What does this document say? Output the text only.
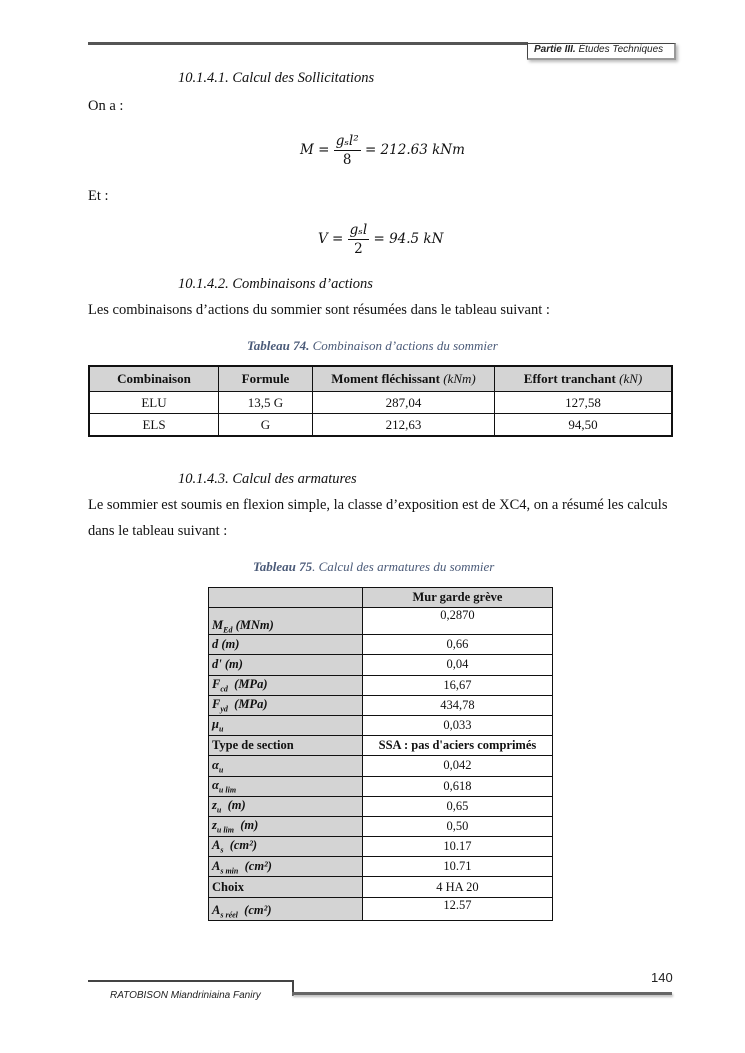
Partie III. Études Techniques
10.1.4.1. Calcul des Sollicitations
On a :
$M = \frac{\text{gₛl²}}{8} = 212.63$ kNm
Et :
$V = \frac{\text{gₛl}}{2} = 94.5$ kN
10.1.4.2. Combinaisons d’actions
Les combinaisons d’actions du sommier sont résumées dans le tableau suivant :
Tableau 74. Combinaison d’actions du sommier
Combinaison	Formule	Moment fléchissant (kNm)	Effort tranchant (kN)
ELU	13,5 G	287,04	127,58
ELS	G	212,63	94,50
10.1.4.3. Calcul des armatures
Le sommier est soumis en flexion simple, la classe d’exposition est de XC4, on a résumé les calculs
dans le tableau suivant :
Tableau 75. Calcul des armatures du sommier
	Mur garde grève
$M_{Ed}$ (MNm)	0,2870
d (m)	0,66
d' (m)	0,04
$F_{cd}$  (MPa)	16,67
$F_{yd}$  (MPa)	434,78
$\mu_u$	0,033
Type de section	SSA : pas d'aciers comprimés
$\alpha_u$	0,042
$\alpha_{u lim}$	0,618
$z_u$  (m)	0,65
$z_{u lim}$  (m)	0,50
$A_s$  (cm²)	10.17
$A_{s min}$  (cm²)	10.71
Choix	4 HA 20
$A_{s réel}$  (cm²)	12.57
140
RATOBISON Miandriniaina Faniry
